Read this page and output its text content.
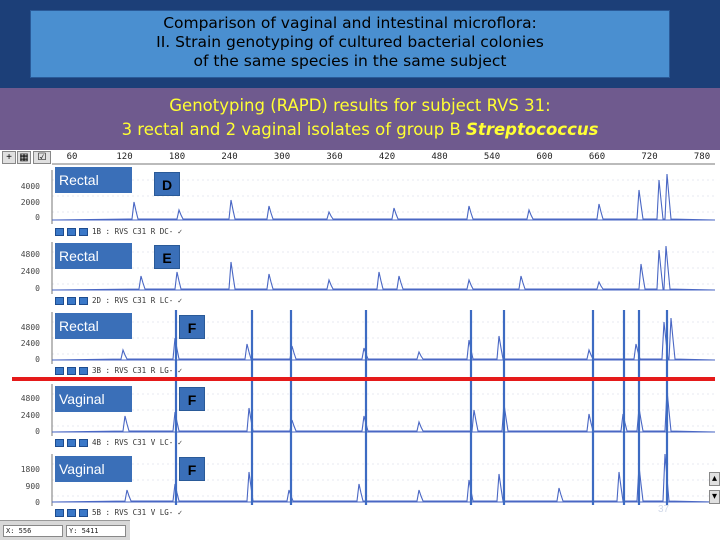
Comparison of vaginal and intestinal microflora:
II. Strain genotyping of cultured bacterial colonies
of the same species in the same subject
Genotyping (RAPD) results for subject RVS 31:
3 rectal and 2 vaginal isolates of group B Streptococcus
+ ▦ ☑	60	120	180	240	300	360	420	480	540	600	660	720	780
Rectal
Rectal
Rectal
Vaginal
Vaginal
D
E
F
F
F
1B : RVS C31 R DC- ✓
2D : RVS C31 R LC- ✓
3B : RVS C31 R LG- ✓
4B : RVS C31 V LC- ✓
5B : RVS C31 V LG- ✓
4000
2000
0
4800
2400
0
4800
2400
0
4800
2400
0
1800
900
0
▴
▾
X: 556	Y: 5411
37
